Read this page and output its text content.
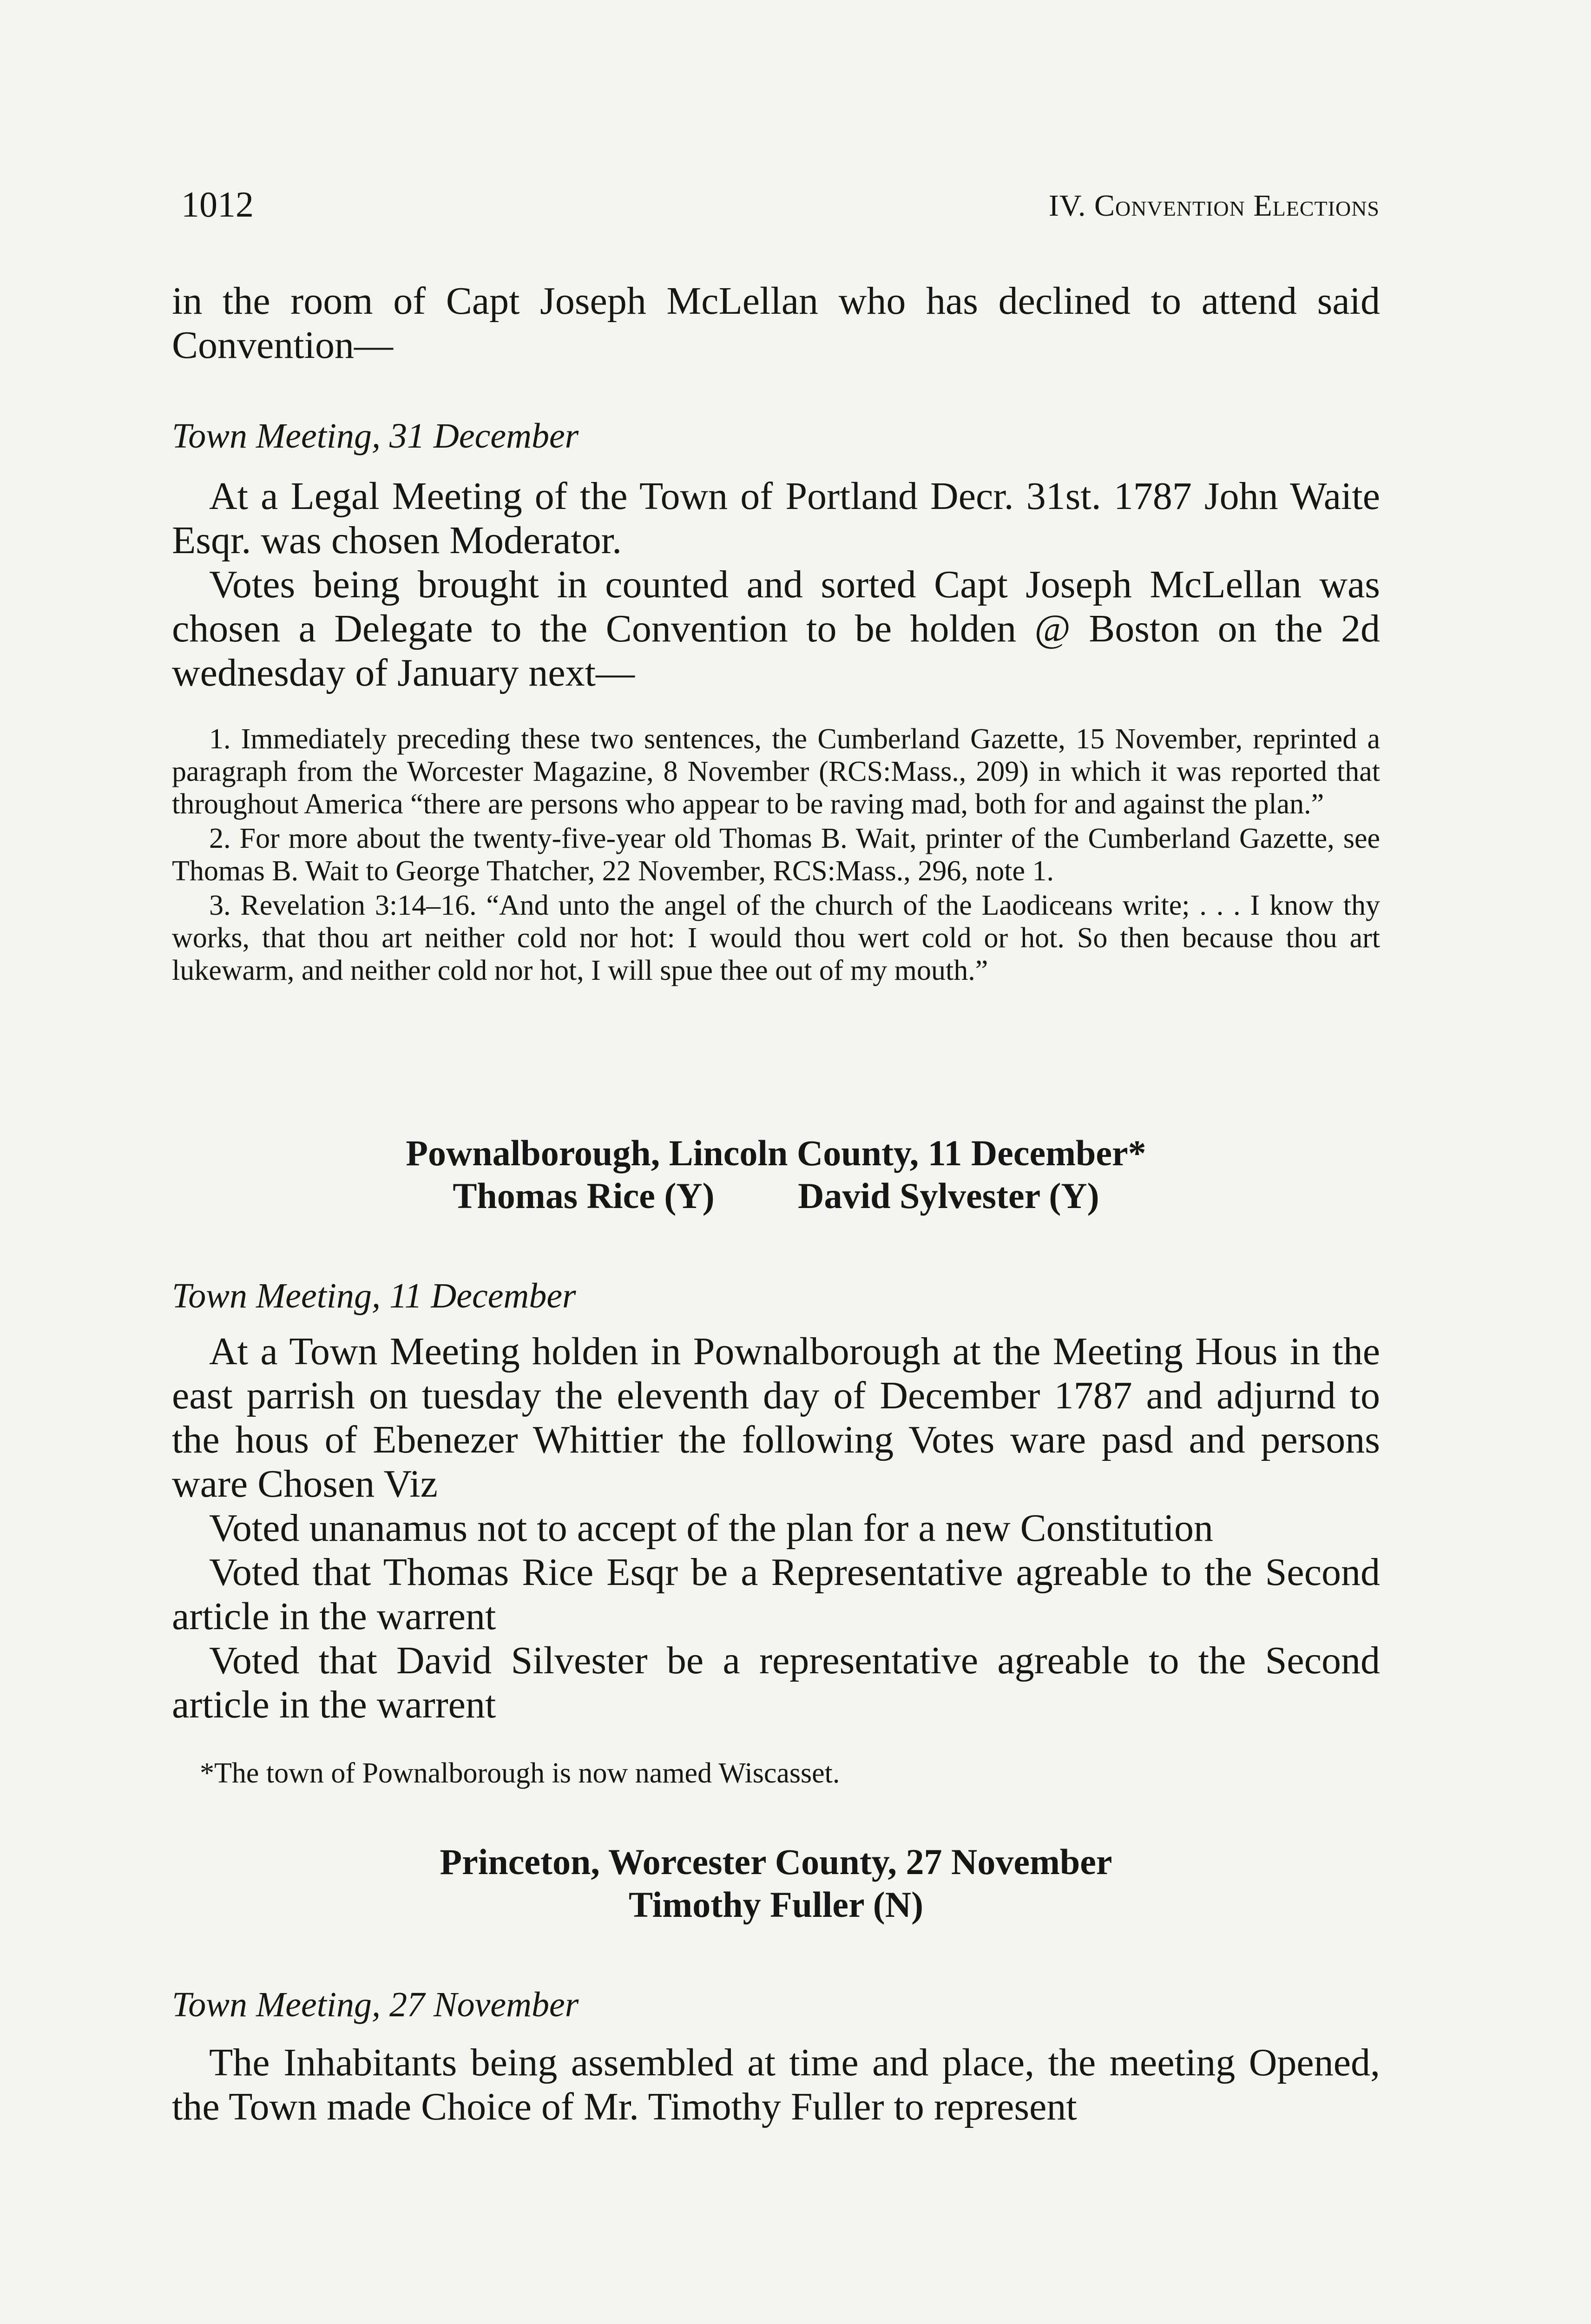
1012	IV. Convention Elections

in the room of Capt Joseph McLellan who has declined to attend said Convention—

Town Meeting, 31 December

At a Legal Meeting of the Town of Portland Decr. 31st. 1787 John Waite Esqr. was chosen Moderator.

Votes being brought in counted and sorted Capt Joseph McLellan was chosen a Delegate to the Convention to be holden @ Boston on the 2d wednesday of January next—

1. Immediately preceding these two sentences, the Cumberland Gazette, 15 November, reprinted a paragraph from the Worcester Magazine, 8 November (RCS:Mass., 209) in which it was reported that throughout America “there are persons who appear to be raving mad, both for and against the plan.”

2. For more about the twenty-five-year old Thomas B. Wait, printer of the Cumberland Gazette, see Thomas B. Wait to George Thatcher, 22 November, RCS:Mass., 296, note 1.

3. Revelation 3:14–16. “And unto the angel of the church of the Laodiceans write; . . . I know thy works, that thou art neither cold nor hot: I would thou wert cold or hot. So then because thou art lukewarm, and neither cold nor hot, I will spue thee out of my mouth.”

Pownalborough, Lincoln County, 11 December*
Thomas Rice (Y) David Sylvester (Y)
Town Meeting, 11 December

At a Town Meeting holden in Pownalborough at the Meeting Hous in the east parrish on tuesday the eleventh day of December 1787 and adjurnd to the hous of Ebenezer Whittier the following Votes ware pasd and persons ware Chosen Viz

Voted unanamus not to accept of the plan for a new Constitution

Voted that Thomas Rice Esqr be a Representative agreable to the Second article in the warrent

Voted that David Silvester be a representative agreable to the Second article in the warrent

*The town of Pownalborough is now named Wiscasset.
Princeton, Worcester County, 27 November
Timothy Fuller (N)
Town Meeting, 27 November

The Inhabitants being assembled at time and place, the meeting Opened, the Town made Choice of Mr. Timothy Fuller to represent
